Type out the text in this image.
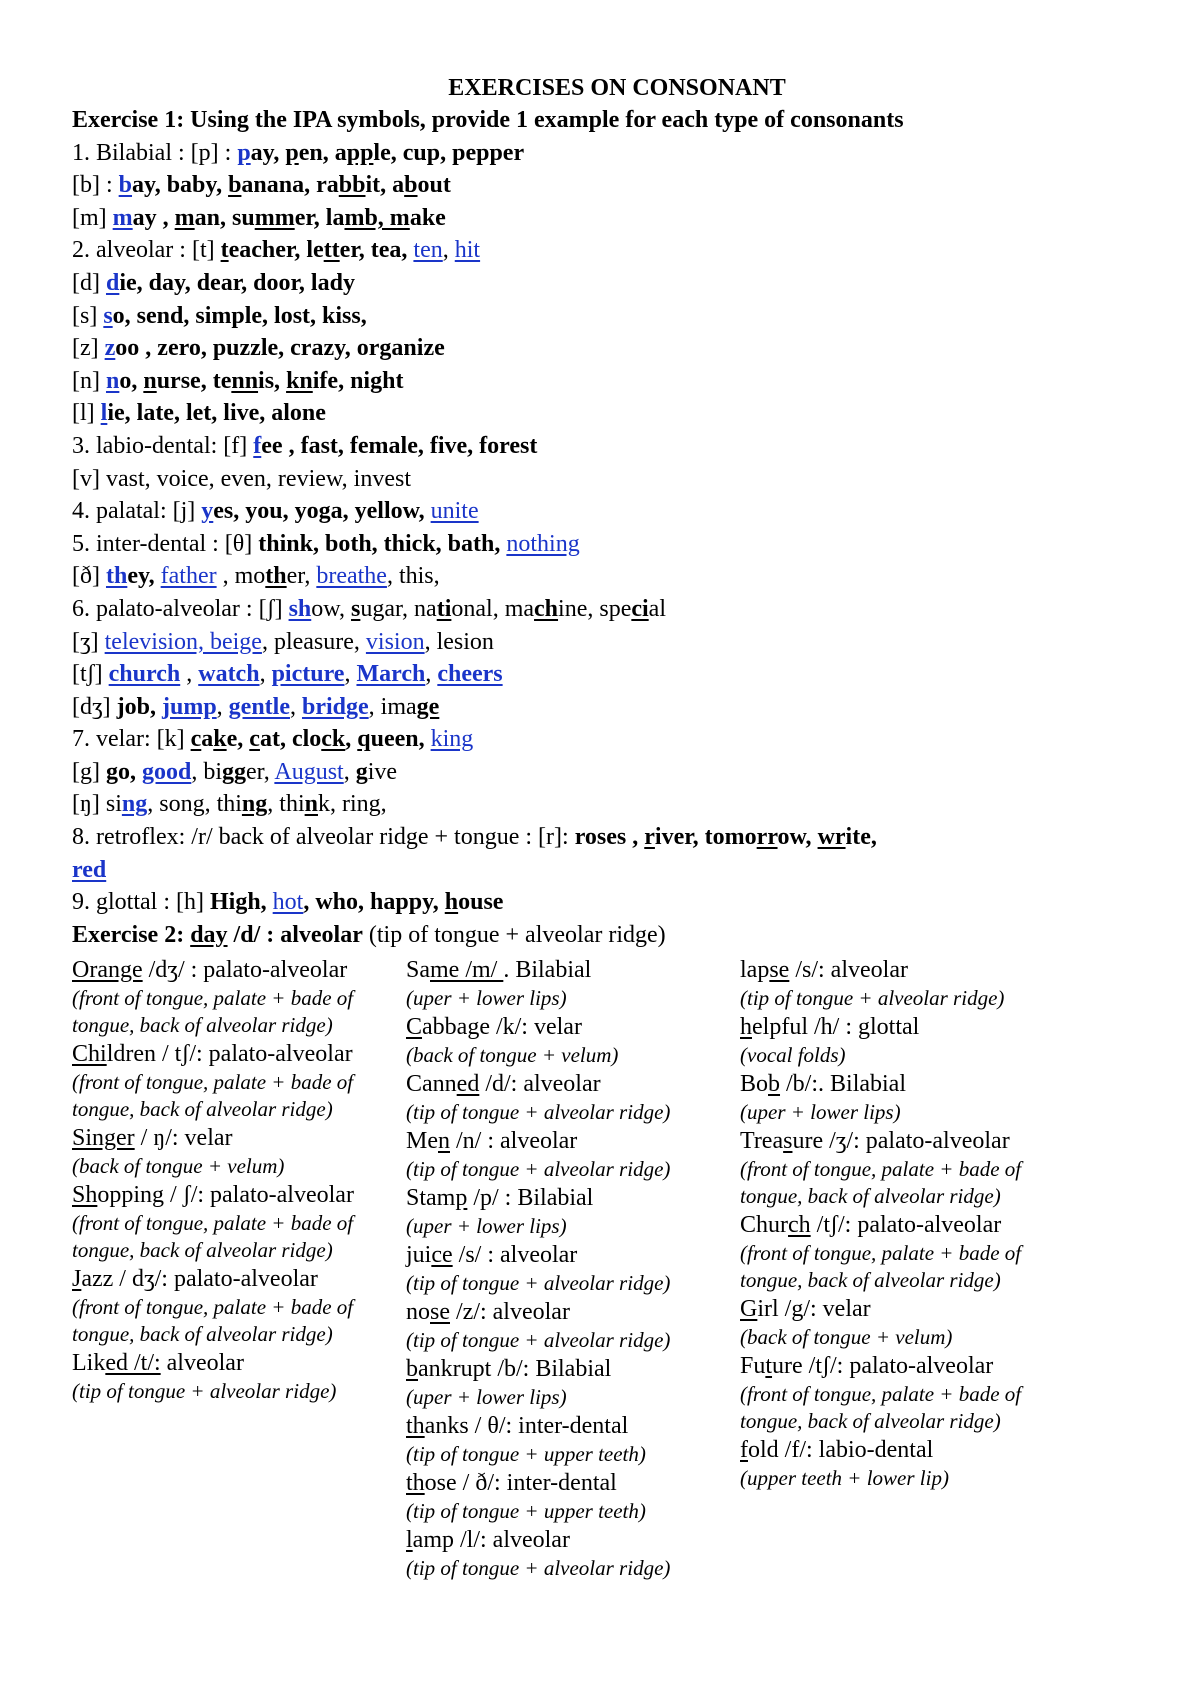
EXERCISES ON CONSONANT
Exercise 1: Using the IPA symbols, provide 1 example for each type of consonants
1. Bilabial : [p] : pay, pen, apple, cup, pepper
[b] : bay, baby, banana, rabbit, about
[m] may , man, summer, lamb, make
2. alveolar : [t] teacher, letter, tea, ten, hit
[d] die, day, dear, door, lady
[s] so, send, simple, lost, kiss,
[z] zoo , zero, puzzle, crazy, organize
[n] no, nurse, tennis, knife, night
[l] lie, late, let, live, alone
3. labio-dental: [f] fee , fast, female, five, forest
[v] vast, voice, even, review, invest
4. palatal: [j] yes, you, yoga, yellow, unite
5. inter-dental : [θ] think, both, thick, bath, nothing
[ð] they, father , mother, breathe, this,
6. palato-alveolar : [ʃ] show, sugar, national, machine, special
[ʒ] television, beige, pleasure, vision, lesion
[tʃ] church , watch, picture, March, cheers
[dʒ] job, jump, gentle, bridge, image
7. velar: [k] cake, cat, clock, queen, king
[g] go, good, bigger, August, give
[ŋ] sing, song, thing, think, ring,
8. retroflex: /r/ back of alveolar ridge + tongue : [r]: roses , river, tomorrow, write,
red
9. glottal : [h] High, hot, who, happy, house
Exercise 2: day /d/ : alveolar (tip of tongue + alveolar ridge)
Orange /dʒ/ : palato-alveolar
(front of tongue, palate + bade of tongue, back of alveolar ridge)
Children / tʃ/: palato-alveolar
(front of tongue, palate + bade of tongue, back of alveolar ridge)
Singer / ŋ/: velar
(back of tongue + velum)
Shopping / ʃ/: palato-alveolar
(front of tongue, palate + bade of tongue, back of alveolar ridge)
Jazz / dʒ/: palato-alveolar
(front of tongue, palate + bade of tongue, back of alveolar ridge)
Liked /t/: alveolar
(tip of tongue + alveolar ridge)
Same /m/ . Bilabial
(uper + lower lips)
Cabbage /k/: velar
(back of tongue + velum)
Canned /d/: alveolar
(tip of tongue + alveolar ridge)
Men /n/ : alveolar
(tip of tongue + alveolar ridge)
Stamp /p/ : Bilabial
(uper + lower lips)
juice /s/ : alveolar
(tip of tongue + alveolar ridge)
nose /z/: alveolar
(tip of tongue + alveolar ridge)
bankrupt /b/: Bilabial
(uper + lower lips)
thanks / θ/: inter-dental
(tip of tongue + upper teeth)
those / ð/: inter-dental
(tip of tongue + upper teeth)
lamp /l/: alveolar
(tip of tongue + alveolar ridge)
lapse /s/: alveolar
(tip of tongue + alveolar ridge)
helpful /h/ : glottal
(vocal folds)
Bob /b/:. Bilabial
(uper + lower lips)
Treasure /ʒ/: palato-alveolar
(front of tongue, palate + bade of tongue, back of alveolar ridge)
Church /tʃ/: palato-alveolar
(front of tongue, palate + bade of tongue, back of alveolar ridge)
Girl /g/: velar
(back of tongue + velum)
Future /tʃ/: palato-alveolar
(front of tongue, palate + bade of tongue, back of alveolar ridge)
fold /f/: labio-dental
(upper teeth + lower lip)
